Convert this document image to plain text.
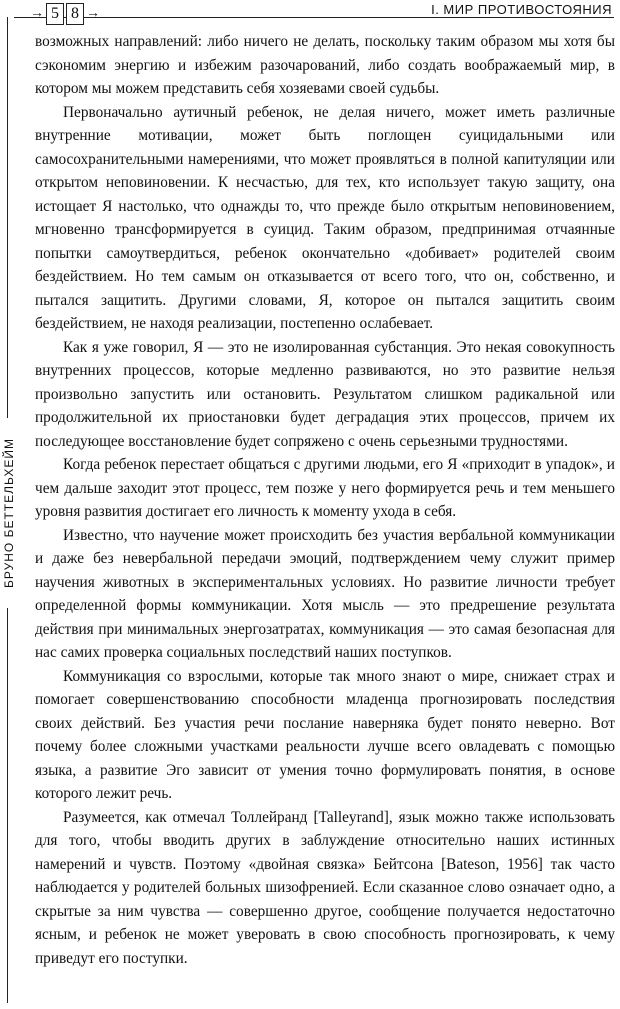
→ 5 8 →	I. МИР ПРОТИВОСТОЯНИЯ
БРУНО БЕТТЕЛЬХЕЙМ

возможных направлений: либо ничего не делать, поскольку таким образом мы хотя бы сэкономим энергию и избежим разочарований, либо создать воображаемый мир, в котором мы можем представить себя хозяевами своей судьбы.

Первоначально аутичный ребенок, не делая ничего, может иметь различные внутренние мотивации, может быть поглощен суицидальными или самосохранительными намерениями, что может проявляться в полной капитуляции или открытом неповиновении. К несчастью, для тех, кто использует такую защиту, она истощает Я настолько, что однажды то, что прежде было открытым неповиновением, мгновенно трансформируется в суицид. Таким образом, предпринимая отчаянные попытки самоутвердиться, ребенок окончательно «добивает» родителей своим бездействием. Но тем самым он отказывается от всего того, что он, собственно, и пытался защитить. Другими словами, Я, которое он пытался защитить своим бездействием, не находя реализации, постепенно ослабевает.

Как я уже говорил, Я — это не изолированная субстанция. Это некая совокупность внутренних процессов, которые медленно развиваются, но это развитие нельзя произвольно запустить или остановить. Результатом слишком радикальной или продолжительной их приостановки будет деградация этих процессов, причем их последующее восстановление будет сопряжено с очень серьезными трудностями.

Когда ребенок перестает общаться с другими людьми, его Я «приходит в упадок», и чем дальше заходит этот процесс, тем позже у него формируется речь и тем меньшего уровня развития достигает его личность к моменту ухода в себя.

Известно, что научение может происходить без участия вербальной коммуникации и даже без невербальной передачи эмоций, подтверждением чему служит пример научения животных в экспериментальных условиях. Но развитие личности требует определенной формы коммуникации. Хотя мысль — это предрешение результата действия при минимальных энергозатратах, коммуникация — это самая безопасная для нас самих проверка социальных последствий наших поступков.

Коммуникация со взрослыми, которые так много знают о мире, снижает страх и помогает совершенствованию способности младенца прогнозировать последствия своих действий. Без участия речи послание наверняка будет понято неверно. Вот почему более сложными участками реальности лучше всего овладевать с помощью языка, а развитие Эго зависит от умения точно формулировать понятия, в основе которого лежит речь.

Разумеется, как отмечал Толлейранд [Talleyrand], язык можно также использовать для того, чтобы вводить других в заблуждение относительно наших истинных намерений и чувств. Поэтому «двойная связка» Бейтсона [Bateson, 1956] так часто наблюдается у родителей больных шизофренией. Если сказанное слово означает одно, а скрытые за ним чувства — совершенно другое, сообщение получается недостаточно ясным, и ребенок не может уверовать в свою способность прогнозировать, к чему приведут его поступки.
